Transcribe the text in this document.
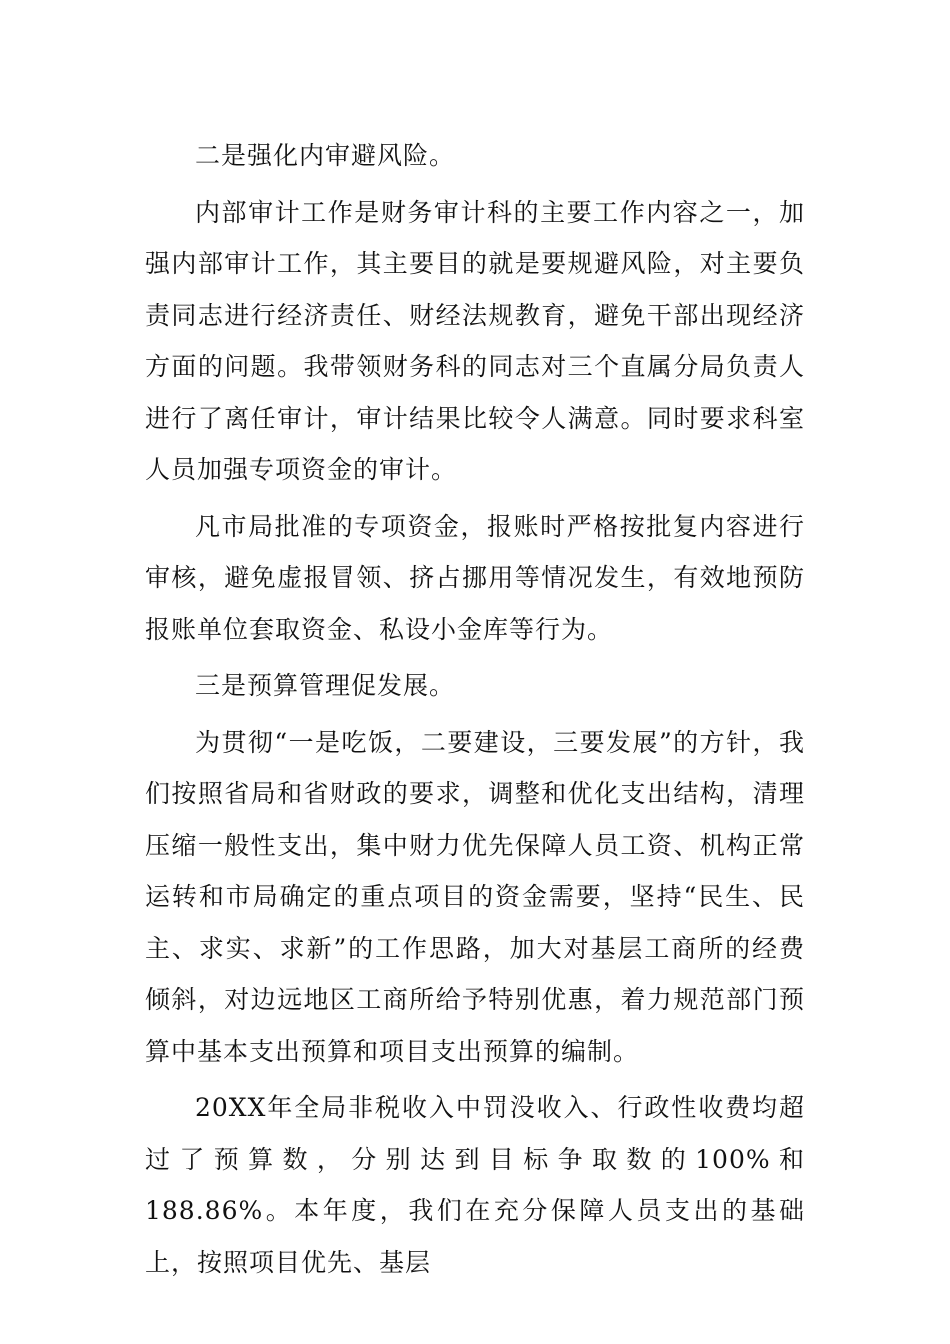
二是强化内审避风险。

内部审计工作是财务审计科的主要工作内容之一，加强内部审计工作，其主要目的就是要规避风险，对主要负责同志进行经济责任、财经法规教育，避免干部出现经济方面的问题。我带领财务科的同志对三个直属分局负责人进行了离任审计，审计结果比较令人满意。同时要求科室人员加强专项资金的审计。

凡市局批准的专项资金，报账时严格按批复内容进行审核，避免虚报冒领、挤占挪用等情况发生，有效地预防报账单位套取资金、私设小金库等行为。

三是预算管理促发展。

为贯彻“一是吃饭，二要建设，三要发展”的方针，我们按照省局和省财政的要求，调整和优化支出结构，清理压缩一般性支出，集中财力优先保障人员工资、机构正常运转和市局确定的重点项目的资金需要，坚持“民生、民主、求实、求新”的工作思路，加大对基层工商所的经费倾斜，对边远地区工商所给予特别优惠，着力规范部门预算中基本支出预算和项目支出预算的编制。

20XX年全局非税收入中罚没收入、行政性收费均超过了预算数，分别达到目标争取数的100%和188.86%。本年度，我们在充分保障人员支出的基础上，按照项目优先、基层
